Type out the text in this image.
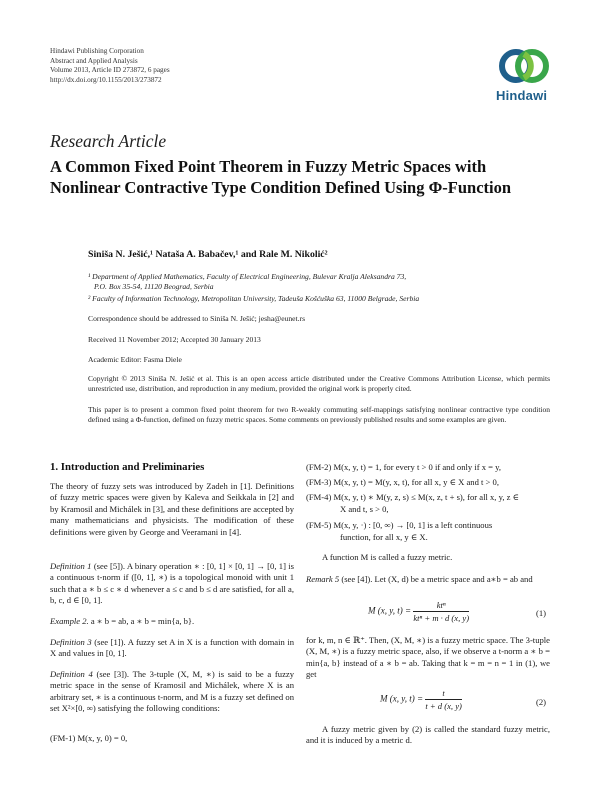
Hindawi Publishing Corporation
Abstract and Applied Analysis
Volume 2013, Article ID 273872, 6 pages
http://dx.doi.org/10.1155/2013/273872
Hindawi
Research Article
A Common Fixed Point Theorem in Fuzzy Metric Spaces with Nonlinear Contractive Type Condition Defined Using Φ-Function
Siniša N. Ješić,¹ Nataša A. Babačev,¹ and Rale M. Nikolić²
¹ Department of Applied Mathematics, Faculty of Electrical Engineering, Bulevar Kralja Aleksandra 73,
P.O. Box 35-54, 11120 Beograd, Serbia
² Faculty of Information Technology, Metropolitan University, Tadeuša Košćuška 63, 11000 Belgrade, Serbia
Correspondence should be addressed to Siniša N. Ješić; jesha@eunet.rs
Received 11 November 2012; Accepted 30 January 2013
Academic Editor: Fasma Diele
Copyright © 2013 Siniša N. Ješić et al. This is an open access article distributed under the Creative Commons Attribution License, which permits unrestricted use, distribution, and reproduction in any medium, provided the original work is properly cited.
This paper is to present a common fixed point theorem for two R-weakly commuting self-mappings satisfying nonlinear contractive type condition defined using a Φ-function, defined on fuzzy metric spaces. Some comments on previously published results and some examples are given.
1. Introduction and Preliminaries
The theory of fuzzy sets was introduced by Zadeh in [1]. Definitions of fuzzy metric spaces were given by Kaleva and Seikkala in [2] and by Kramosil and Michálek in [3], and these definitions are accepted by many mathematicians and physicists. The modification of these definitions were given by George and Veeramani in [4].
Definition 1 (see [5]). A binary operation ∗ : [0, 1] × [0, 1] → [0, 1] is a continuous t-norm if ([0, 1], ∗) is a topological monoid with unit 1 such that a ∗ b ≤ c ∗ d whenever a ≤ c and b ≤ d are satisfied, for all a, b, c, d ∈ [0, 1].
Example 2. a ∗ b = ab, a ∗ b = min{a, b}.
Definition 3 (see [1]). A fuzzy set A in X is a function with domain in X and values in [0, 1].
Definition 4 (see [3]). The 3-tuple (X, M, ∗) is said to be a fuzzy metric space in the sense of Kramosil and Michálek, where X is an arbitrary set, ∗ is a continuous t-norm, and M is a fuzzy set defined on set X²×[0, ∞) satisfying the following conditions:
(FM-1) M(x, y, 0) = 0,
(FM-2) M(x, y, t) = 1, for every t > 0 if and only if x = y,
(FM-3) M(x, y, t) = M(y, x, t), for all x, y ∈ X and t > 0,
(FM-4) M(x, y, t) ∗ M(y, z, s) ≤ M(x, z, t + s), for all x, y, z ∈
X and t, s > 0,
(FM-5) M(x, y, ·) : [0, ∞) → [0, 1] is a left continuous
function, for all x, y ∈ X.
A function M is called a fuzzy metric.
Remark 5 (see [4]). Let (X, d) be a metric space and a∗b = ab and
M (x, y, $t) = \frac{\text{ktⁿ}}{\text{ktⁿ + m · d (x, y)}}$	(1)
for k, m, n ∈ ℝ⁺. Then, (X, M, ∗) is a fuzzy metric space. The 3-tuple (X, M, ∗) is a fuzzy metric space, also, if we observe a t-norm a ∗ b = min{a, b} instead of a ∗ b = ab. Taking that k = m = n = 1 in (1), we get
M (x, y, $t) = \frac{t}{t + d (x, y)}$	(2)
A fuzzy metric given by (2) is called the standard fuzzy metric, and it is induced by a metric d.
